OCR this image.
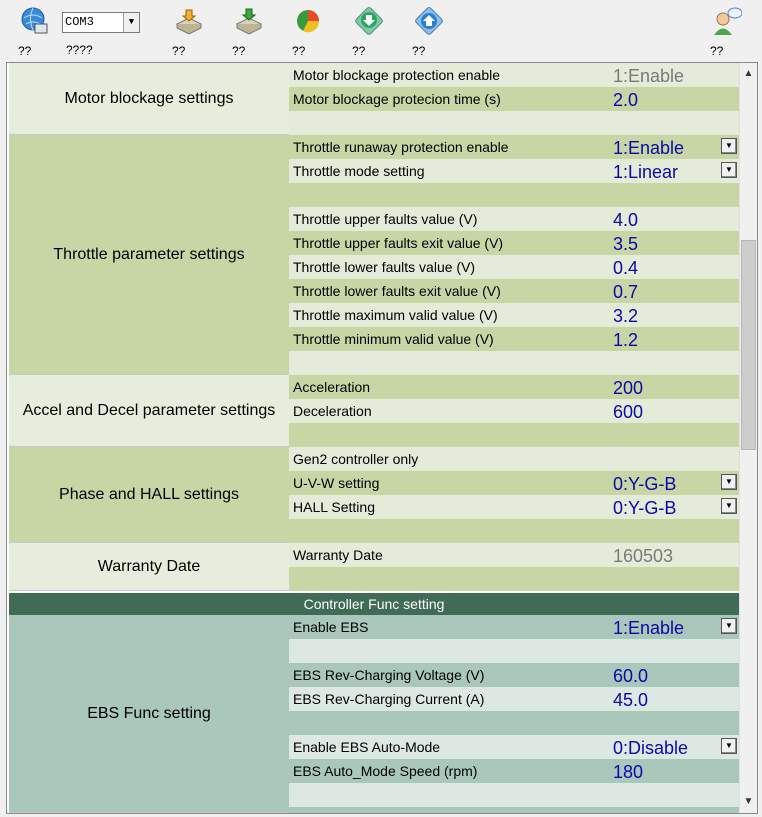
??
COM3	▼
????	??	??	??	??	??	??
Motor blockage settings
Motor blockage protection enable	1:Enable
Motor blockage protecion time (s)	2.0
Throttle parameter settings
Throttle runaway protection enable	1:Enable	▼
Throttle mode setting	1:Linear	▼
Throttle upper faults value (V)	4.0
Throttle upper faults exit value (V)	3.5
Throttle lower faults value (V)	0.4
Throttle lower faults exit value (V)	0.7
Throttle maximum valid value (V)	3.2
Throttle minimum valid value (V)	1.2
Accel and Decel parameter settings
Acceleration	200
Deceleration	600
Phase and HALL settings
Gen2 controller only
U-V-W setting	0:Y-G-B	▼
HALL Setting	0:Y-G-B	▼
Warranty Date
Warranty Date	160503
Controller Func setting
EBS Func setting
Enable EBS	1:Enable	▼
EBS Rev-Charging Voltage (V)	60.0
EBS Rev-Charging Current (A)	45.0
Enable EBS Auto-Mode	0:Disable	▼
EBS Auto_Mode Speed (rpm)	180
▲
▼
